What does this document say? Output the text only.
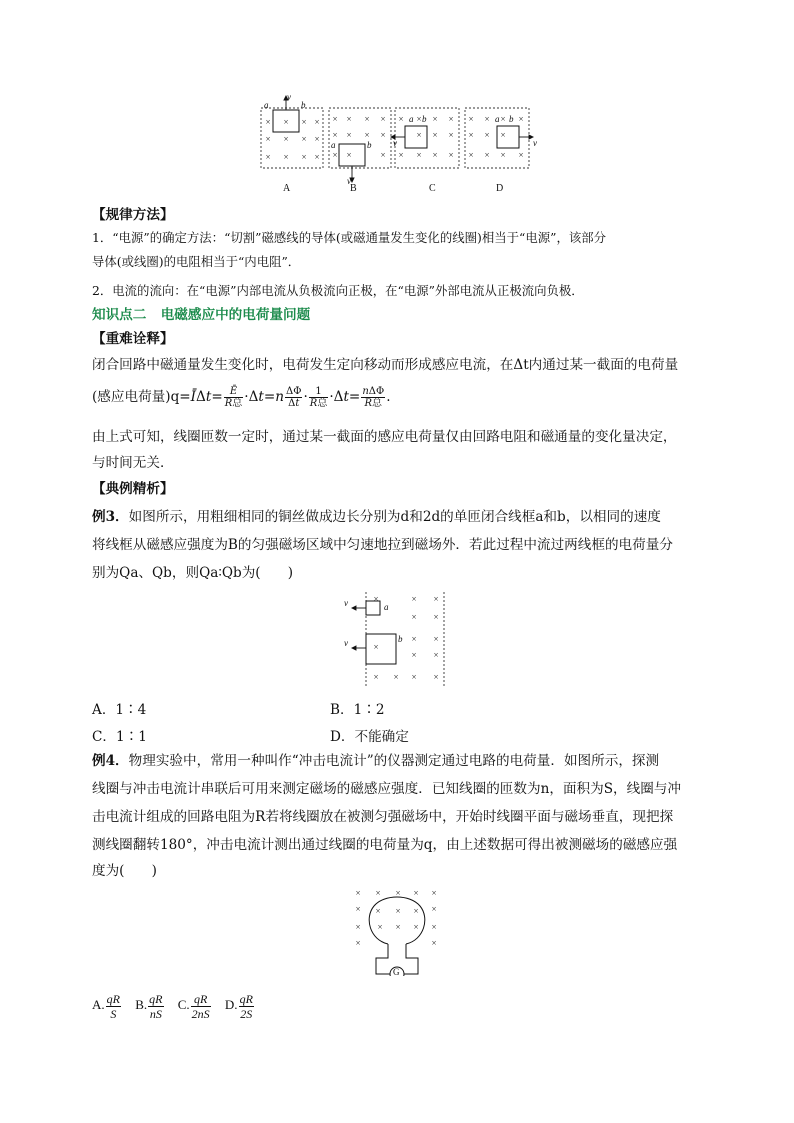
× × × ×
× × × ×
× × × ×
× × × ×
× × × ×
× ×	×
× × × ×
× × ×
× × × ×
× × × ×
× × ×
× × × ×
a	b
v
a	b
v
a b
v
a b
v
A	B	C	D
【规律方法】
1．“电源”的确定方法：“切割”磁感线的导体(或磁通量发生变化的线圈)相当于“电源”，该部分
导体(或线圈)的电阻相当于“内电阻”．
2．电流的流向：在“电源”内部电流从负极流向正极，在“电源”外部电流从正极流向负极．
知识点二 电磁感应中的电荷量问题
【重难诠释】
闭合回路中磁通量发生变化时，电荷发生定向移动而形成感应电流，在Δt内通过某一截面的电荷量
(感应电荷量)q=ĪΔt= $\frac{Ē}{\text{R总}} \cdot\Delta t=n \frac{\Delta\Phi}{\Delta t} \cdot \frac{1}{\text{R总}} \cdot\Delta t= \frac{\text{nΔΦ}}{\text{R总}}$ .
由上式可知，线圈匝数一定时，通过某一截面的感应电荷量仅由回路电阻和磁通量的变化量决定，
与时间无关．
【典例精析】
例3．如图所示，用粗细相同的铜丝做成边长分别为d和2d的单匝闭合线框a和b，以相同的速度
将线框从磁感应强度为B的匀强磁场区域中匀速地拉到磁场外．若此过程中流过两线框的电荷量分
别为Qa、Qb，则Qa∶Qb为(　　)
×	× ×
× ×
× ×
×
× ×
× × × ×
v	a
v	b
A．1∶4	B．1∶2
C．1∶1	D．不能确定
例4．物理实验中，常用一种叫作“冲击电流计”的仪器测定通过电路的电荷量．如图所示，探测
线圈与冲击电流计串联后可用来测定磁场的磁感应强度．已知线圈的匝数为n，面积为S，线圈与冲
击电流计组成的回路电阻为R若将线圈放在被测匀强磁场中，开始时线圈平面与磁场垂直，现把探
测线圈翻转180°，冲击电流计测出通过线圈的电荷量为q，由上述数据可得出被测磁场的磁感应强
度为(　　)
× × × × ×
×	×
× × × × ×
×	×
× × ×
G
A. $\frac{qR}{S} B$. $\frac{qR}{nS} C$. $\frac{qR}{2nS} D$. $\frac{qR}{2S}$
